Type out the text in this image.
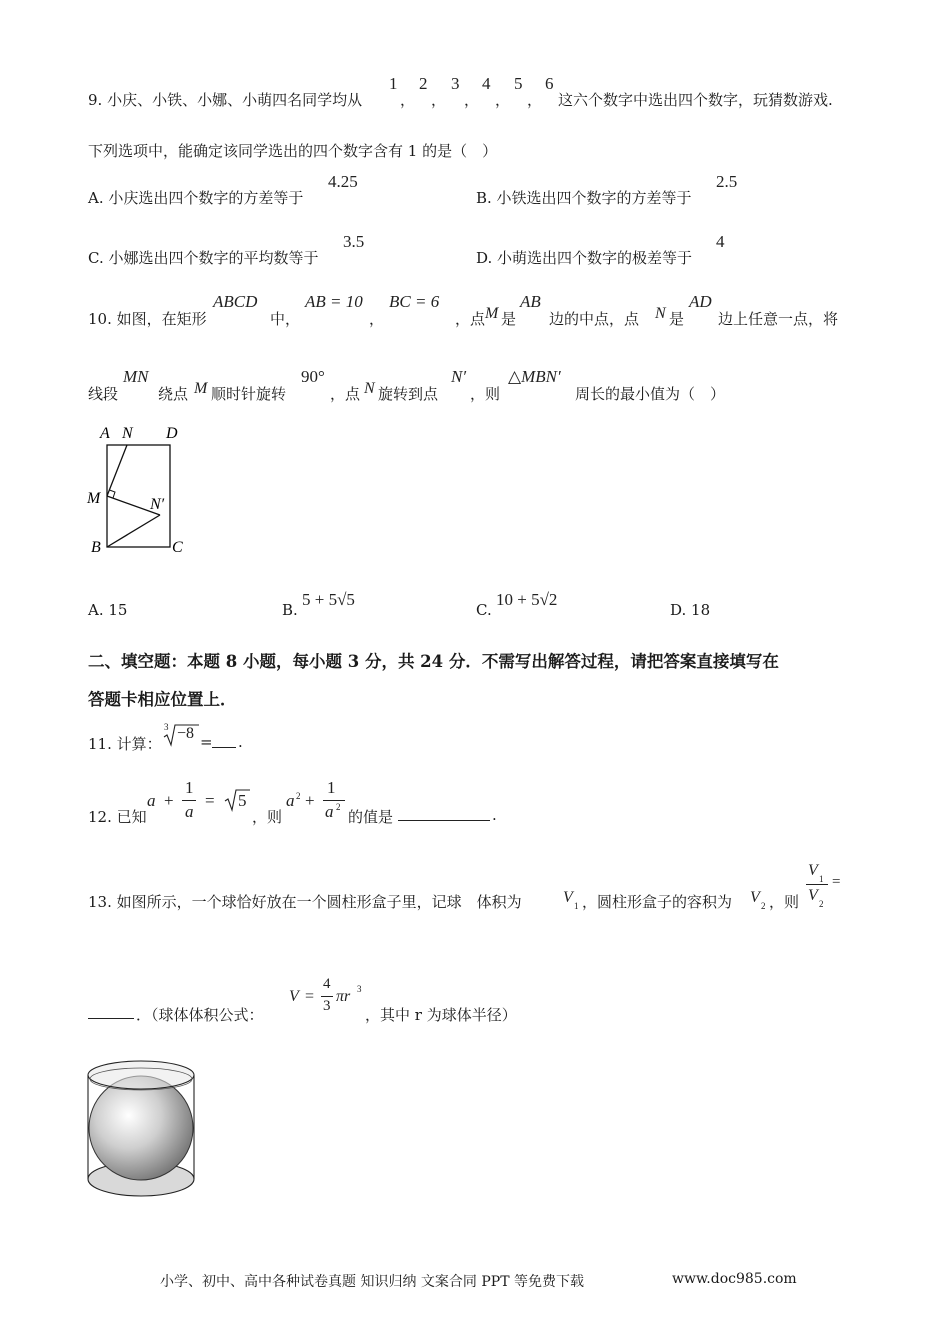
9. 小庆、小铁、小娜、小萌四名同学均从
1
，
2
，
3
，
4
，
5
，
6
这六个数字中选出四个数字，玩猜数游戏.
下列选项中，能确定该同学选出的四个数字含有 1 的是（　）
A. 小庆选出四个数字的方差等于
4.25
B. 小铁选出四个数字的方差等于
2.5
C. 小娜选出四个数字的平均数等于
3.5
D. 小萌选出四个数字的极差等于
4
10. 如图，在矩形
ABCD
中，
AB = 10
，
BC = 6
，点 M 是
AB
边的中点，点 N 是
AD
边上任意一点，将
线段
MN
绕点 M 顺时针旋转
90°
，点 N 旋转到点
N′
，则
△MBN′
周长的最小值为（　）
A N D
M	N′
B	C
A. 15	B.
5 + 5√5
C.
10 + 5√2
D. 18
二、填空题：本题 8 小题，每小题 3 分，共 24 分．不需写出解答过程，请把答案直接填写在
答题卡相应位置上．
11. 计算：
3 −8 = .
12. 已知
a +
1
a
= 5
，则
a 2 +
1
a 2
的值是	.
13. 如图所示，一个球恰好放在一个圆柱形盒子里，记球　体积为	V 1 ，圆柱形盒子的容积为 V 2 ，则
V 1
V 2
=
．（球体体积公式：
V =
4
3
πr 3
，其中 r 为球体半径）
小学、初中、高中各种试卷真题 知识归纳 文案合同 PPT 等免费下载	www.doc985.com
